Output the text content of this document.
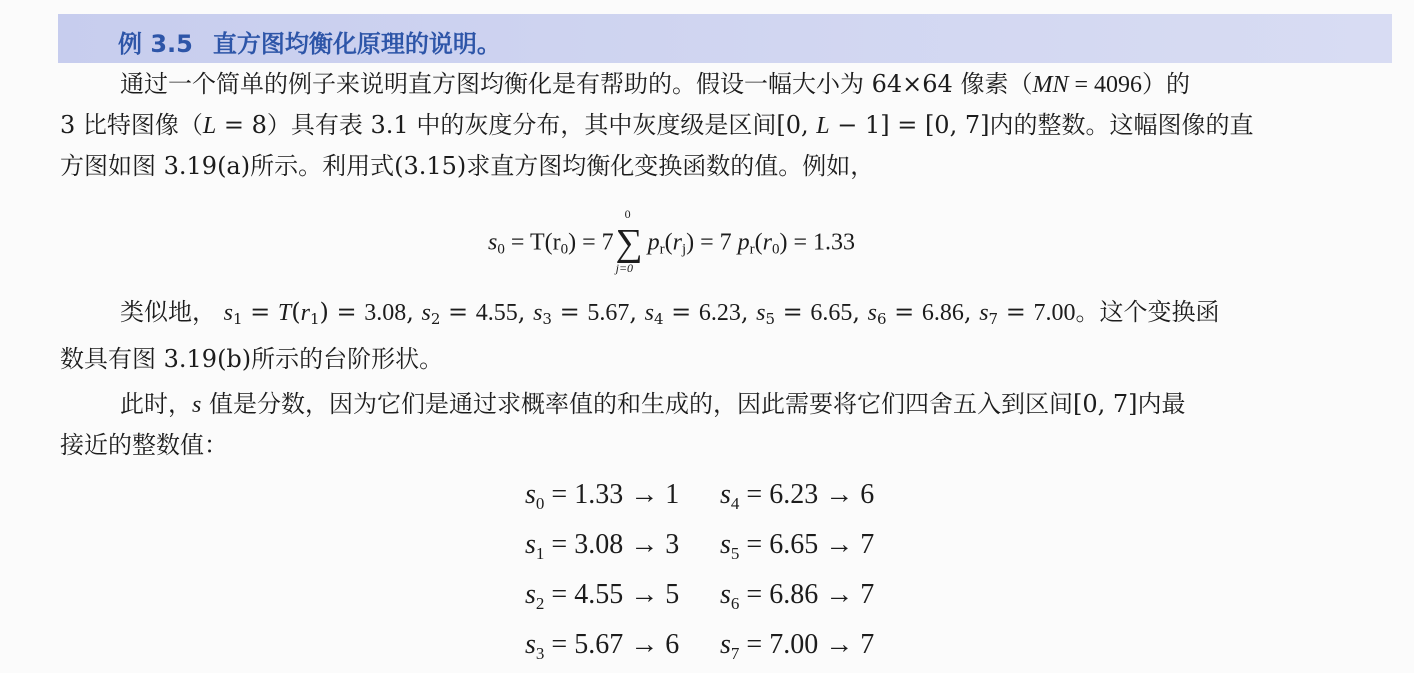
例 3.5 直方图均衡化原理的说明。

通过一个简单的例子来说明直方图均衡化是有帮助的。假设一幅大小为 64×64 像素（MN = 4096）的
3 比特图像（L = 8）具有表 3.1 中的灰度分布，其中灰度级是区间[0, L − 1] = [0, 7]内的整数。这幅图像的直
方图如图 3.19(a)所示。利用式(3.15)求直方图均衡化变换函数的值。例如，

$s_0 = T(r_0) = 7$ ∑
0
j=0
$p_r(r_j) = 7$ $p_r(r_0) = 1.33$

类似地， $s_1 = T(r_1) = 3.08$, $s_2 = 4.55$, $s_3 = 5.67$, $s_4 = 6.23$, $s_5 = 6.65$, $s_6 = 6.86$, $s_7 = 7.00$。这个变换函
数具有图 3.19(b)所示的台阶形状。

此时，s 值是分数，因为它们是通过求概率值的和生成的，因此需要将它们四舍五入到区间[0, 7]内最
接近的整数值：

$s_0 = 1.33 \to 1$	$s_4 = 6.23 \to 6$
$s_1 = 3.08 \to 3$	$s_5 = 6.65 \to 7$
$s_2 = 4.55 \to 5$	$s_6 = 6.86 \to 7$
$s_3 = 5.67 \to 6$	$s_7 = 7.00 \to 7$
